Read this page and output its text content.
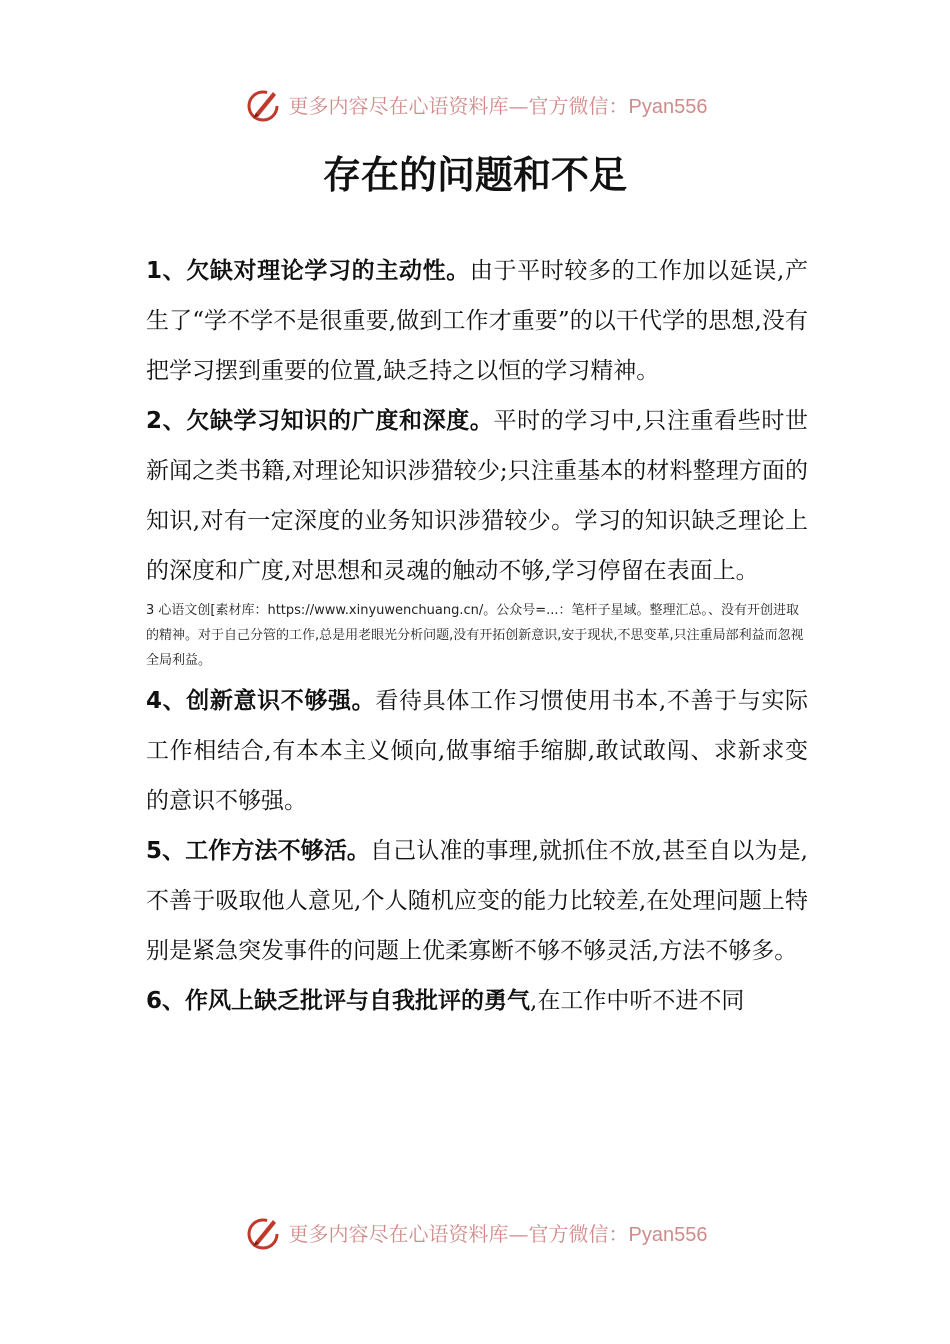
更多内容尽在心语资料库—官方微信：Pyan556
存在的问题和不足

1、欠缺对理论学习的主动性。由于平时较多的工作加以延误,产生了“学不学不是很重要,做到工作才重要”的以干代学的思想,没有把学习摆到重要的位置,缺乏持之以恒的学习精神。

2、欠缺学习知识的广度和深度。平时的学习中,只注重看些时世新闻之类书籍,对理论知识涉猎较少;只注重基本的材料整理方面的知识,对有一定深度的业务知识涉猎较少。学习的知识缺乏理论上的深度和广度,对思想和灵魂的触动不够,学习停留在表面上。

3 心语文创[素材库：https://www.xinyuwenchuang.cn/。公众号=...：笔杆子星域。整理汇总。、没有开创进取的精神。对于自己分管的工作,总是用老眼光分析问题,没有开拓创新意识,安于现状,不思变革,只注重局部利益而忽视全局利益。

4、创新意识不够强。看待具体工作习惯使用书本,不善于与实际工作相结合,有本本主义倾向,做事缩手缩脚,敢试敢闯、求新求变的意识不够强。

5、工作方法不够活。自己认准的事理,就抓住不放,甚至自以为是,不善于吸取他人意见,个人随机应变的能力比较差,在处理问题上特别是紧急突发事件的问题上优柔寡断不够不够灵活,方法不够多。

6、作风上缺乏批评与自我批评的勇气,在工作中听不进不同

更多内容尽在心语资料库—官方微信：Pyan556
